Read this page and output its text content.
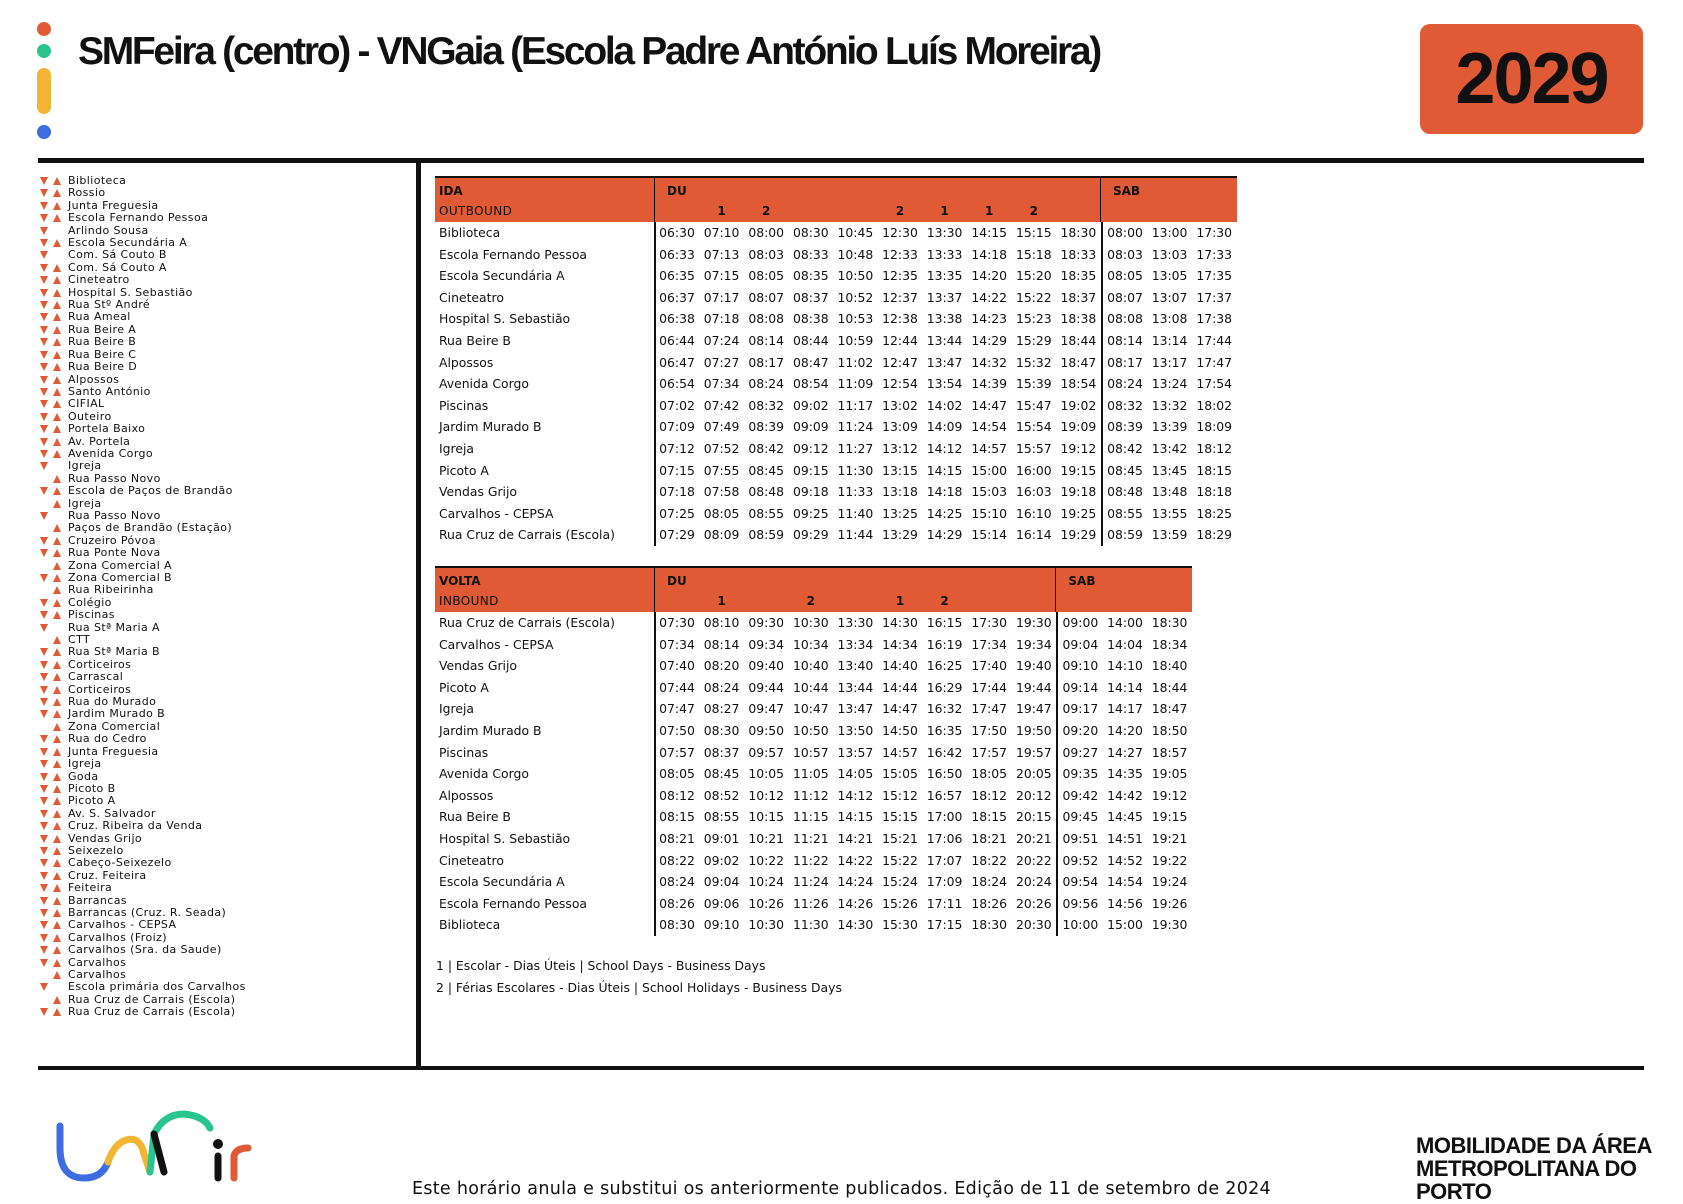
SMFeira (centro) - VNGaia (Escola Padre António Luís Moreira)	2029
Biblioteca
Rossio
Junta Freguesia
Escola Fernando Pessoa
Arlindo Sousa
Escola Secundária A
Com. Sá Couto B
Com. Sá Couto A
Cineteatro
Hospital S. Sebastião
Rua Stº André
Rua Ameal
Rua Beire A
Rua Beire B
Rua Beire C
Rua Beire D
Alpossos
Santo António
CIFIAL
Outeiro
Portela Baixo
Av. Portela
Avenida Corgo
Igreja
Rua Passo Novo
Escola de Paços de Brandão
Igreja
Rua Passo Novo
Paços de Brandão (Estação)
Cruzeiro Póvoa
Rua Ponte Nova
Zona Comercial A
Zona Comercial B
Rua Ribeirinha
Colégio
Piscinas
Rua Stª Maria A
CTT
Rua Stª Maria B
Corticeiros
Carrascal
Corticeiros
Rua do Murado
Jardim Murado B
Zona Comercial
Rua do Cedro
Junta Freguesia
Igreja
Goda
Picoto B
Picoto A
Av. S. Salvador
Cruz. Ribeira da Venda
Vendas Grijo
Seixezelo
Cabeço-Seixezelo
Cruz. Feiteira
Feiteira
Barrancas
Barrancas (Cruz. R. Seada)
Carvalhos - CEPSA
Carvalhos (Froiz)
Carvalhos (Sra. da Saude)
Carvalhos
Carvalhos
Escola primária dos Carvalhos
Rua Cruz de Carrais (Escola)
Rua Cruz de Carrais (Escola)
IDA
OUTBOUND
DU	SAB
1	2	2	1	1	2
Biblioteca	06:30 07:10 08:00 08:30 10:45 12:30 13:30 14:15 15:15 18:30 08:00 13:00 17:30
Escola Fernando Pessoa	06:33 07:13 08:03 08:33 10:48 12:33 13:33 14:18 15:18 18:33 08:03 13:03 17:33
Escola Secundária A	06:35 07:15 08:05 08:35 10:50 12:35 13:35 14:20 15:20 18:35 08:05 13:05 17:35
Cineteatro	06:37 07:17 08:07 08:37 10:52 12:37 13:37 14:22 15:22 18:37 08:07 13:07 17:37
Hospital S. Sebastião	06:38 07:18 08:08 08:38 10:53 12:38 13:38 14:23 15:23 18:38 08:08 13:08 17:38
Rua Beire B	06:44 07:24 08:14 08:44 10:59 12:44 13:44 14:29 15:29 18:44 08:14 13:14 17:44
Alpossos	06:47 07:27 08:17 08:47 11:02 12:47 13:47 14:32 15:32 18:47 08:17 13:17 17:47
Avenida Corgo	06:54 07:34 08:24 08:54 11:09 12:54 13:54 14:39 15:39 18:54 08:24 13:24 17:54
Piscinas	07:02 07:42 08:32 09:02 11:17 13:02 14:02 14:47 15:47 19:02 08:32 13:32 18:02
Jardim Murado B	07:09 07:49 08:39 09:09 11:24 13:09 14:09 14:54 15:54 19:09 08:39 13:39 18:09
Igreja	07:12 07:52 08:42 09:12 11:27 13:12 14:12 14:57 15:57 19:12 08:42 13:42 18:12
Picoto A	07:15 07:55 08:45 09:15 11:30 13:15 14:15 15:00 16:00 19:15 08:45 13:45 18:15
Vendas Grijo	07:18 07:58 08:48 09:18 11:33 13:18 14:18 15:03 16:03 19:18 08:48 13:48 18:18
Carvalhos - CEPSA	07:25 08:05 08:55 09:25 11:40 13:25 14:25 15:10 16:10 19:25 08:55 13:55 18:25
Rua Cruz de Carrais (Escola)	07:29 08:09 08:59 09:29 11:44 13:29 14:29 15:14 16:14 19:29 08:59 13:59 18:29
VOLTA
INBOUND
DU	SAB
1	2	1	2
Rua Cruz de Carrais (Escola)	07:30 08:10 09:30 10:30 13:30 14:30 16:15 17:30 19:30 09:00 14:00 18:30
Carvalhos - CEPSA	07:34 08:14 09:34 10:34 13:34 14:34 16:19 17:34 19:34 09:04 14:04 18:34
Vendas Grijo	07:40 08:20 09:40 10:40 13:40 14:40 16:25 17:40 19:40 09:10 14:10 18:40
Picoto A	07:44 08:24 09:44 10:44 13:44 14:44 16:29 17:44 19:44 09:14 14:14 18:44
Igreja	07:47 08:27 09:47 10:47 13:47 14:47 16:32 17:47 19:47 09:17 14:17 18:47
Jardim Murado B	07:50 08:30 09:50 10:50 13:50 14:50 16:35 17:50 19:50 09:20 14:20 18:50
Piscinas	07:57 08:37 09:57 10:57 13:57 14:57 16:42 17:57 19:57 09:27 14:27 18:57
Avenida Corgo	08:05 08:45 10:05 11:05 14:05 15:05 16:50 18:05 20:05 09:35 14:35 19:05
Alpossos	08:12 08:52 10:12 11:12 14:12 15:12 16:57 18:12 20:12 09:42 14:42 19:12
Rua Beire B	08:15 08:55 10:15 11:15 14:15 15:15 17:00 18:15 20:15 09:45 14:45 19:15
Hospital S. Sebastião	08:21 09:01 10:21 11:21 14:21 15:21 17:06 18:21 20:21 09:51 14:51 19:21
Cineteatro	08:22 09:02 10:22 11:22 14:22 15:22 17:07 18:22 20:22 09:52 14:52 19:22
Escola Secundária A	08:24 09:04 10:24 11:24 14:24 15:24 17:09 18:24 20:24 09:54 14:54 19:24
Escola Fernando Pessoa	08:26 09:06 10:26 11:26 14:26 15:26 17:11 18:26 20:26 09:56 14:56 19:26
Biblioteca	08:30 09:10 10:30 11:30 14:30 15:30 17:15 18:30 20:30 10:00 15:00 19:30
1 | Escolar - Dias Úteis | School Days - Business Days
2 | Férias Escolares - Dias Úteis | School Holidays - Business Days
Este horário anula e substitui os anteriormente publicados. Edição de 11 de setembro de 2024
MOBILIDADE DA ÁREA
METROPOLITANA DO PORTO
